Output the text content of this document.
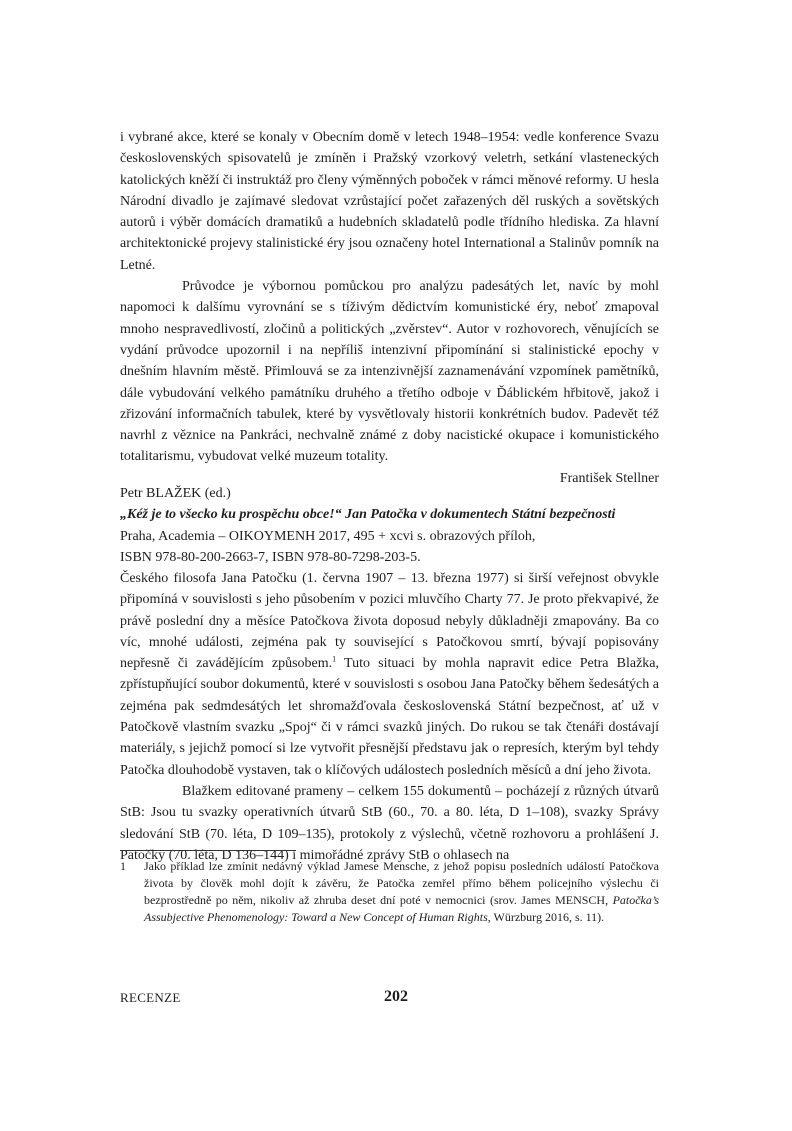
i vybrané akce, které se konaly v Obecním domě v letech 1948–1954: vedle konference Svazu československých spisovatelů je zmíněn i Pražský vzorkový veletrh, setkání vlasteneckých katolických kněží či instruktáž pro členy výměnných poboček v rámci měnové reformy. U hesla Národní divadlo je zajímavé sledovat vzrůstající počet zařazených děl ruských a sovětských autorů i výběr domácích dramatiků a hudebních skladatelů podle třídního hlediska. Za hlavní architektonické projevy stalinistické éry jsou označeny hotel International a Stalinův pomník na Letné.

Průvodce je výbornou pomůckou pro analýzu padesátých let, navíc by mohl napomoci k dalšímu vyrovnání se s tíživým dědictvím komunistické éry, neboť zmapoval mnoho nespravedlivostí, zločinů a politických „zvěrstev“. Autor v rozhovorech, věnujících se vydání průvodce upozornil i na nepříliš intenzivní připomínání si stalinistické epochy v dnešním hlavním městě. Přimlouvá se za intenzivnější zaznamenávání vzpomínek pamětníků, dále vybudování velkého památníku druhého a třetího odboje v Ďáblickém hřbitově, jakož i zřizování informačních tabulek, které by vysvětlovaly historii konkrétních budov. Padevět též navrhl z věznice na Pankráci, nechvalně známé z doby nacistické okupace i komunistického totalitarismu, vybudovat velké muzeum totality.

František Stellner

Petr BLAŽEK (ed.)
„Kéž je to všecko ku prospěchu obce!“ Jan Patočka v dokumentech Státní bezpečnosti
Praha, Academia – OIKOYMENH 2017, 495 + xcvi s. obrazových příloh,
ISBN 978-80-200-2663-7, ISBN 978-80-7298-203-5.

Českého filosofa Jana Patočku (1. června 1907 – 13. března 1977) si širší veřejnost obvykle připomíná v souvislosti s jeho působením v pozici mluvčího Charty 77. Je proto překvapivé, že právě poslední dny a měsíce Patočkova života doposud nebyly důkladněji zmapovány. Ba co víc, mnohé události, zejména pak ty související s Patočkovou smrtí, bývají popisovány nepřesně či zavádějícím způsobem.$^1$ Tuto situaci by mohla napravit edice Petra Blažka, zpřístupňující soubor dokumentů, které v souvislosti s osobou Jana Patočky během šedesátých a zejména pak sedmdesátých let shromažďovala československá Státní bezpečnost, ať už v Patočkově vlastním svazku „Spoj“ či v rámci svazků jiných. Do rukou se tak čtenáři dostávají materiály, s jejichž pomocí si lze vytvořit přesnější představu jak o represích, kterým byl tehdy Patočka dlouhodobě vystaven, tak o klíčových událostech posledních měsíců a dní jeho života.

Blažkem editované prameny – celkem 155 dokumentů – pocházejí z různých útvarů StB: Jsou tu svazky operativních útvarů StB (60., 70. a 80. léta, D 1–108), svazky Správy sledování StB (70. léta, D 109–135), protokoly z výslechů, včetně rozhovoru a prohlášení J. Patočky (70. léta, D 136–144) i mimořádné zprávy StB o ohlasech na

1	Jako příklad lze zmínit nedávný výklad Jamese Mensche, z jehož popisu posledních událostí Patočkova života by člověk mohl dojít k závěru, že Patočka zemřel přímo během policejního výslechu či bezprostředně po něm, nikoliv až zhruba deset dní poté v nemocnici (srov. James MENSCH, Patočka’s Assubjective Phenomenology: Toward a New Concept of Human Rights, Würzburg 2016, s. 11).
RECENZE	202
